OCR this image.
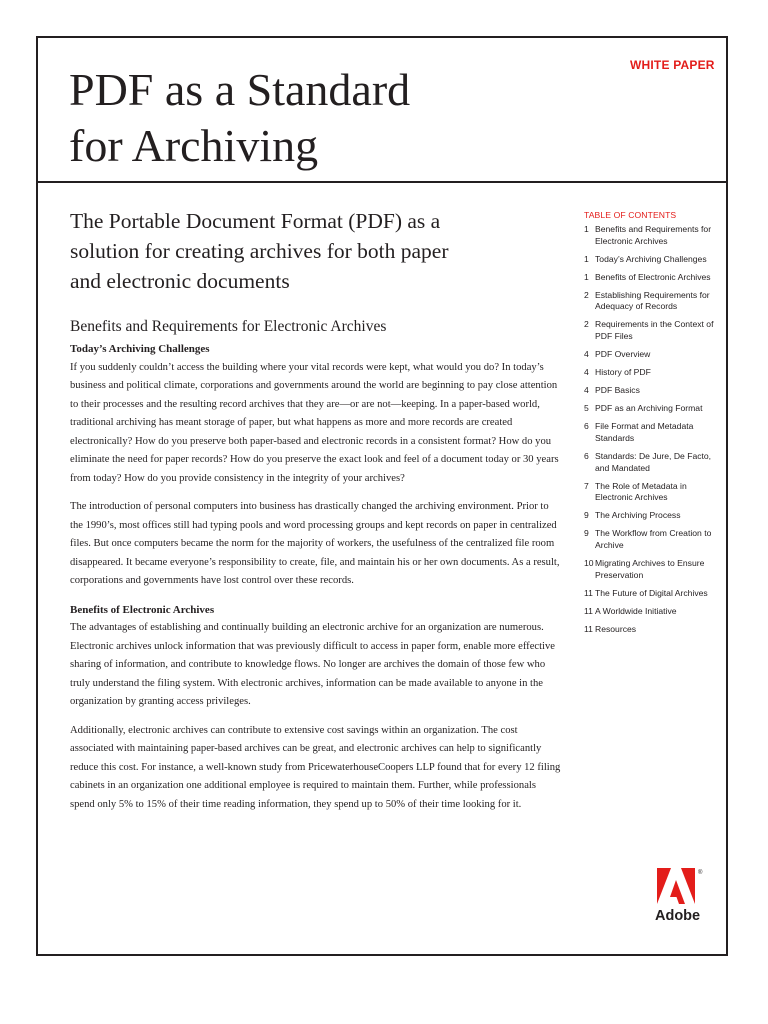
WHITE PAPER
PDF as a Standard
for Archiving
The Portable Document Format (PDF) as a
solution for creating archives for both paper
and electronic documents
Benefits and Requirements for Electronic Archives

Today’s Archiving Challenges

If you suddenly couldn’t access the building where your vital records were kept, what would you do? In today’s business and political climate, corporations and governments around the world are beginning to pay close attention to their processes and the resulting record archives that they are—or are not—keeping. In a paper-based world, traditional archiving has meant storage of paper, but what happens as more and more records are created electronically? How do you preserve both paper-based and electronic records in a consistent format? How do you eliminate the need for paper records? How do you preserve the exact look and feel of a document today or 30 years from today? How do you provide consistency in the integrity of your archives?

The introduction of personal computers into business has drastically changed the archiving environment. Prior to the 1990’s, most offices still had typing pools and word processing groups and kept records on paper in centralized files. But once computers became the norm for the majority of workers, the usefulness of the centralized file room disappeared. It became everyone’s responsibility to create, file, and maintain his or her own documents. As a result, corporations and governments have lost control over these records.

Benefits of Electronic Archives

The advantages of establishing and continually building an electronic archive for an organization are numerous. Electronic archives unlock information that was previously difficult to access in paper form, enable more effective sharing of information, and contribute to knowledge flows. No longer are archives the domain of those few who truly understand the filing system. With electronic archives, information can be made available to anyone in the organization by granting access privileges.

Additionally, electronic archives can contribute to extensive cost savings within an organization. The cost associated with maintaining paper-based archives can be great, and electronic archives can help to significantly reduce this cost. For instance, a well-known study from PricewaterhouseCoopers LLP found that for every 12 filing cabinets in an organization one additional employee is required to maintain them. Further, while professionals spend only 5% to 15% of their time reading information, they spend up to 50% of their time looking for it.

TABLE OF CONTENTS

1 Benefits and Requirements for Electronic Archives
1 Today’s Archiving Challenges
1 Benefits of Electronic Archives
2 Establishing Requirements for Adequacy of Records
2 Requirements in the Context of PDF Files
4 PDF Overview
4 History of PDF
4 PDF Basics
5 PDF as an Archiving Format
6 File Format and Metadata Standards
6 Standards: De Jure, De Facto, and Mandated
7 The Role of Metadata in Electronic Archives
9 The Archiving Process
9 The Workflow from Creation to Archive
10 Migrating Archives to Ensure Preservation
11 The Future of Digital Archives
11 A Worldwide Initiative
11 Resources
®
Adobe
